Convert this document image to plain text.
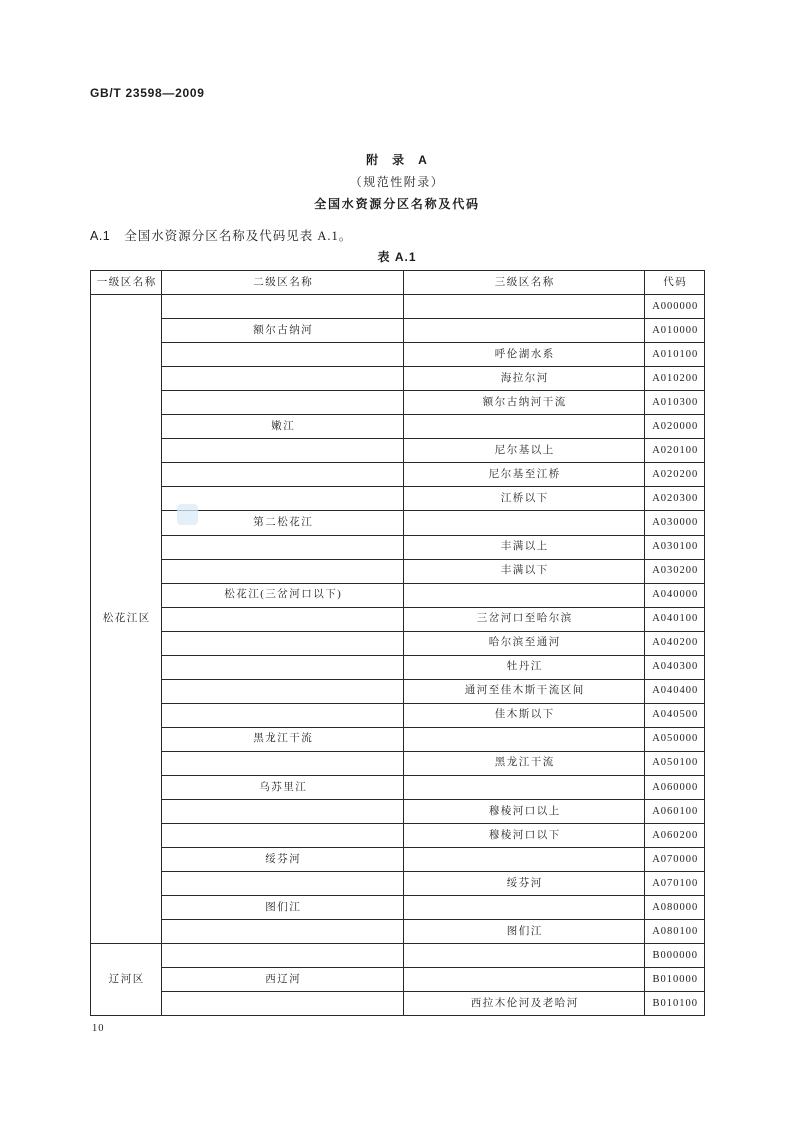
GB/T 23598—2009
附　录　A
（规范性附录）
全国水资源分区名称及代码
A.1 全国水资源分区名称及代码见表 A.1。
表 A.1
一级区名称	二级区名称	三级区名称	代码
松花江区			A000000
	额尔古纳河		A010000
		呼伦湖水系	A010100
		海拉尔河	A010200
		额尔古纳河干流	A010300
	嫩江		A020000
		尼尔基以上	A020100
		尼尔基至江桥	A020200
		江桥以下	A020300
	第二松花江		A030000
		丰满以上	A030100
		丰满以下	A030200
	松花江(三岔河口以下)		A040000
		三岔河口至哈尔滨	A040100
		哈尔滨至通河	A040200
		牡丹江	A040300
		通河至佳木斯干流区间	A040400
		佳木斯以下	A040500
	黑龙江干流		A050000
		黑龙江干流	A050100
	乌苏里江		A060000
		穆棱河口以上	A060100
		穆棱河口以下	A060200
	绥芬河		A070000
		绥芬河	A070100
	图们江		A080000
		图们江	A080100
辽河区			B000000
	西辽河		B010000
		西拉木伦河及老哈河	B010100
10
